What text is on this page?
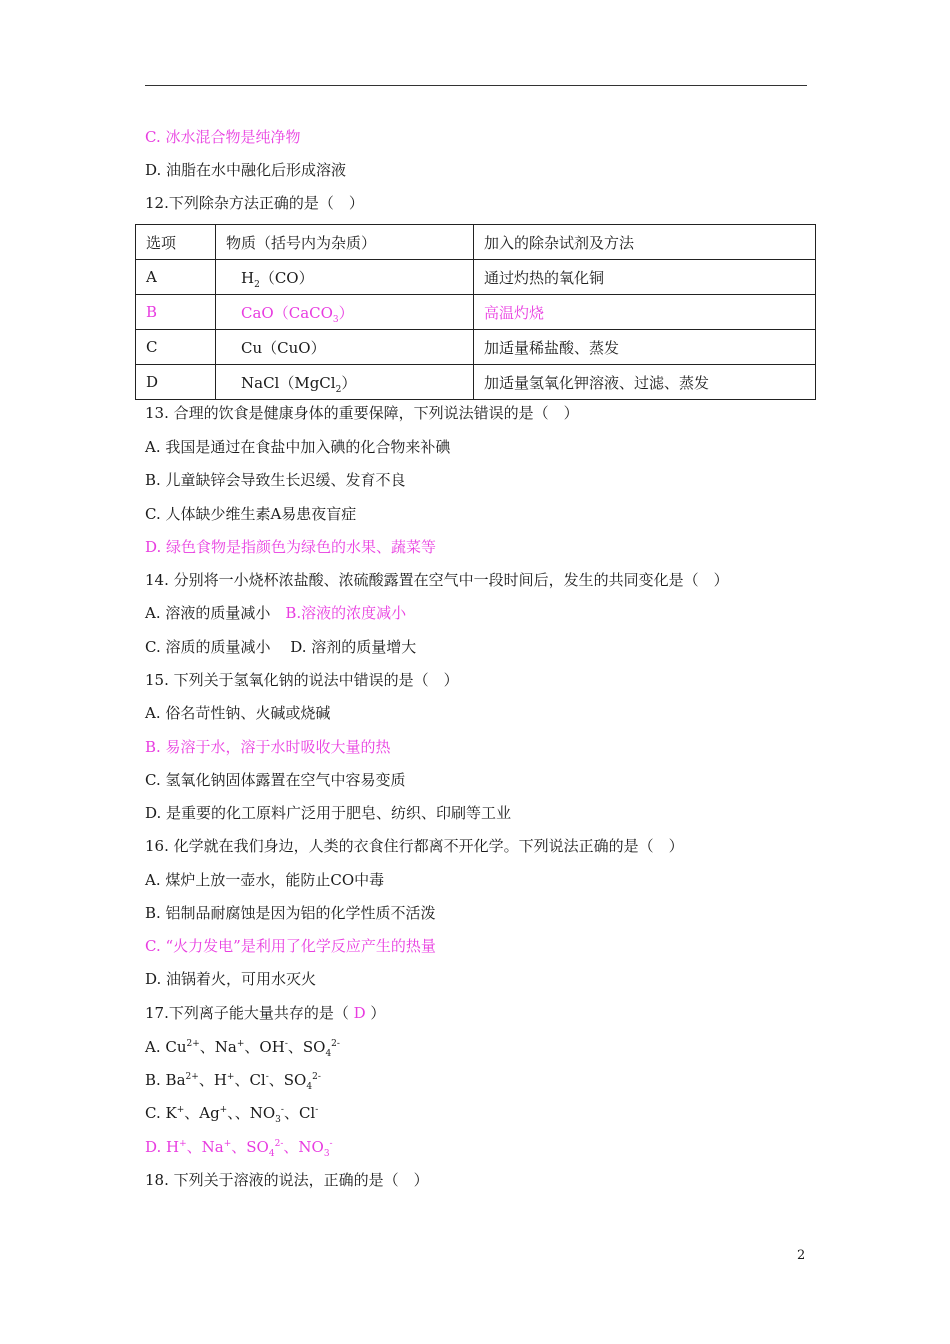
C. 冰水混合物是纯净物
D. 油脂在水中融化后形成溶液
12.下列除杂方法正确的是（　）
选项	物质（括号内为杂质）	加入的除杂试剂及方法
A	$H_2(CO)$	通过灼热的氧化铜
B	CaO（CaCO$_3$）	高温灼烧
C	Cu（CuO）	加适量稀盐酸、蒸发
D	NaCl（MgCl$_2$）	加适量氢氧化钾溶液、过滤、蒸发
13. 合理的饮食是健康身体的重要保障，下列说法错误的是（　）
A. 我国是通过在食盐中加入碘的化合物来补碘
B. 儿童缺锌会导致生长迟缓、发育不良
C. 人体缺少维生素A易患夜盲症
D. 绿色食物是指颜色为绿色的水果、蔬菜等
14. 分别将一小烧杯浓盐酸、浓硫酸露置在空气中一段时间后，发生的共同变化是（　）
A. 溶液的质量减小　 B.溶液的浓度减小
C. 溶质的质量减小　 D. 溶剂的质量增大
15. 下列关于氢氧化钠的说法中错误的是（　）
A. 俗名苛性钠、火碱或烧碱
B. 易溶于水，溶于水时吸收大量的热
C. 氢氧化钠固体露置在空气中容易变质
D. 是重要的化工原料广泛用于肥皂、纺织、印刷等工业
16. 化学就在我们身边，人类的衣食住行都离不开化学。下列说法正确的是（　）
A. 煤炉上放一壶水，能防止CO中毒
B. 铝制品耐腐蚀是因为铝的化学性质不活泼
C. “火力发电”是利用了化学反应产生的热量
D. 油锅着火，可用水灭火
17.下列离子能大量共存的是（ D ）
A. $Cu^{2+}$、Na+、OH-、$SO_4^{2-}$
B. $Ba^{2+}$、H+、Cl-、$SO_4^{2-}$
C. K+、Ag+、、$NO_3^-$、Cl-
D. H+、Na+、$SO_4^{2-}$、$NO_3^-$
18. 下列关于溶液的说法，正确的是（　）
2
